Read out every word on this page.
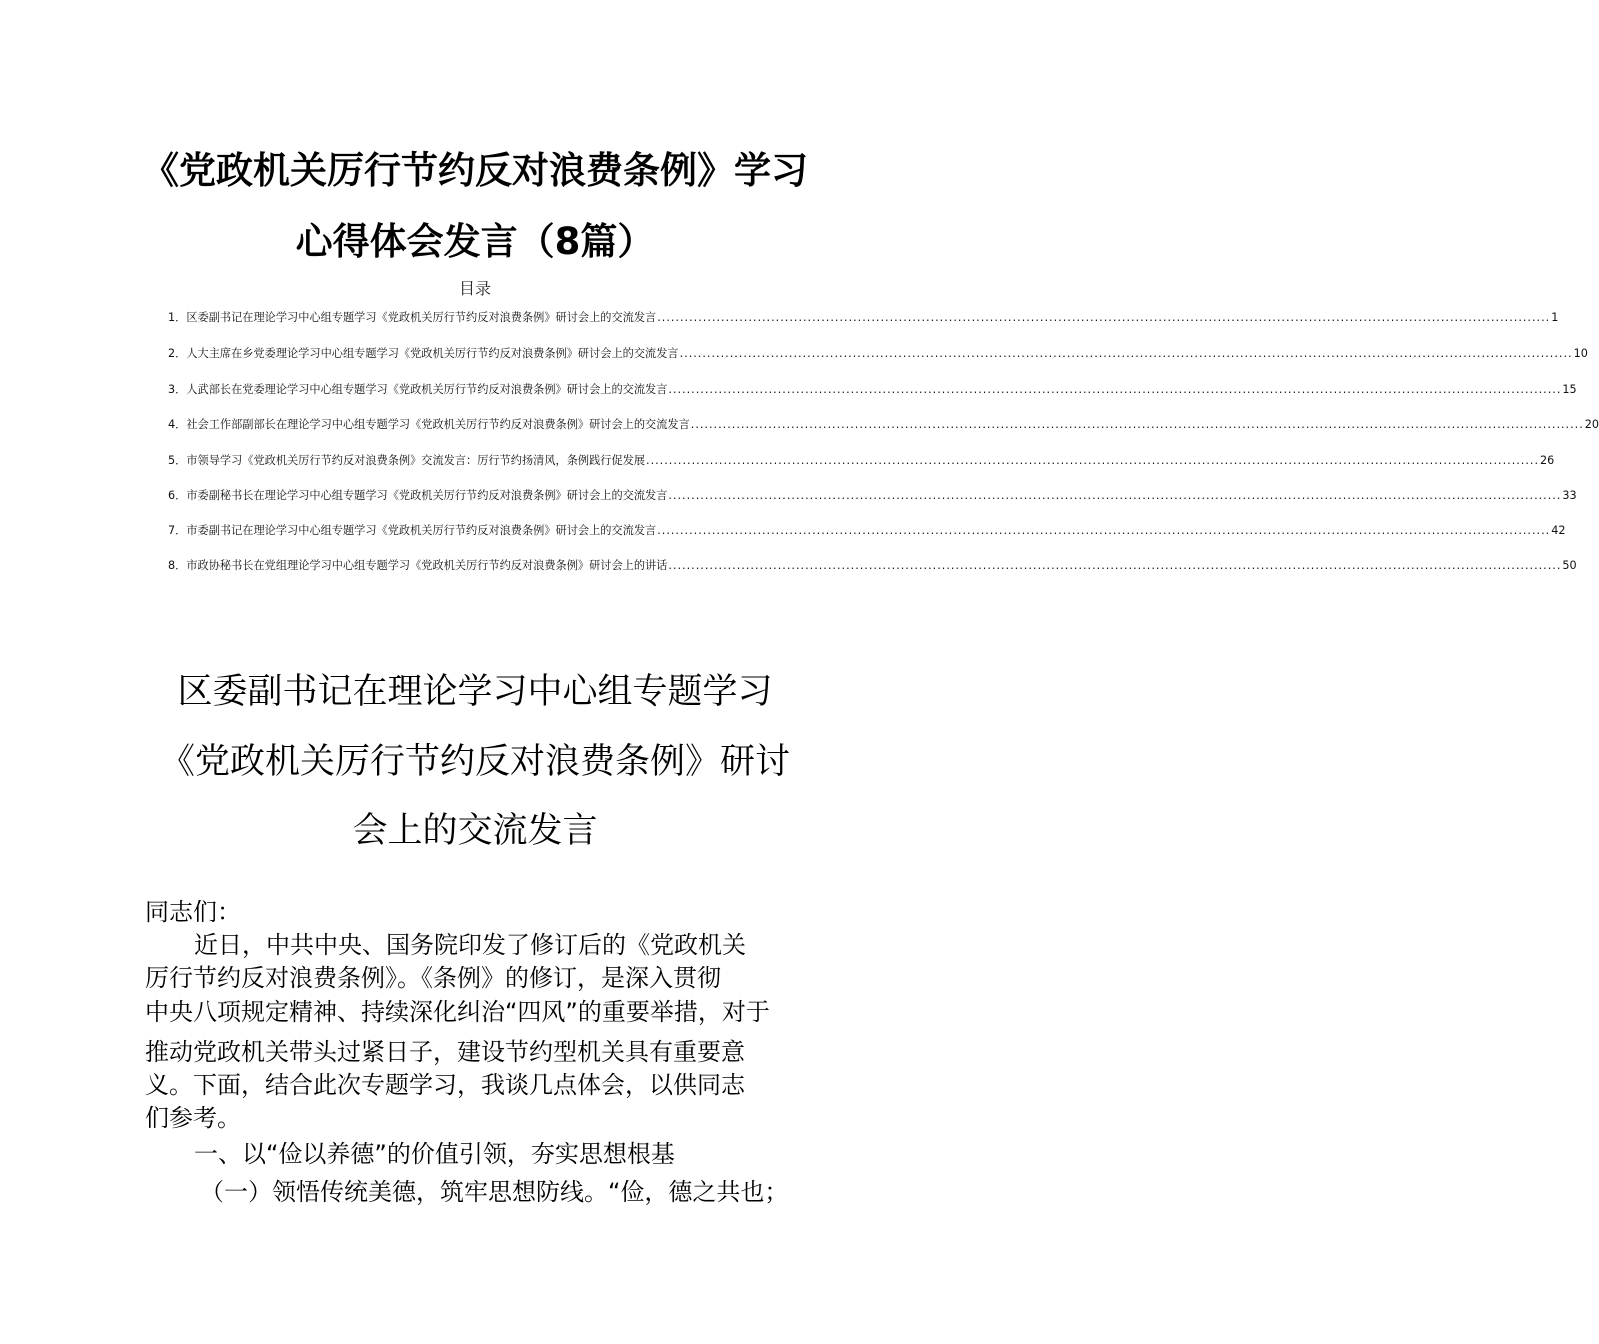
《党政机关厉行节约反对浪费条例》学习
心得体会发言（8篇）
目录
1． 区委副书记在理论学习中心组专题学习《党政机关厉行节约反对浪费条例》研讨会上的交流发言 .....	1
2． 人大主席在乡党委理论学习中心组专题学习《党政机关厉行节约反对浪费条例》研讨会上的交流发言 .....	10
3． 人武部长在党委理论学习中心组专题学习《党政机关厉行节约反对浪费条例》研讨会上的交流发言 .....	15
4． 社会工作部副部长在理论学习中心组专题学习《党政机关厉行节约反对浪费条例》研讨会上的交流发言 .....	20
5． 市领导学习《党政机关厉行节约反对浪费条例》交流发言：厉行节约扬清风，条例践行促发展 .....	26
6． 市委副秘书长在理论学习中心组专题学习《党政机关厉行节约反对浪费条例》研讨会上的交流发言 .....	33
7． 市委副书记在理论学习中心组专题学习《党政机关厉行节约反对浪费条例》研讨会上的交流发言 .....	42
8． 市政协秘书长在党组理论学习中心组专题学习《党政机关厉行节约反对浪费条例》研讨会上的讲话 .....	50
区委副书记在理论学习中心组专题学习
《党政机关厉行节约反对浪费条例》研讨
会上的交流发言
同志们：
近日，中共中央、国务院印发了修订后的《党政机关
厉行节约反对浪费条例》。《条例》的修订，是深入贯彻
中央八项规定精神、持续深化纠治“四风”的重要举措，对于
推动党政机关带头过紧日子，建设节约型机关具有重要意
义。下面，结合此次专题学习，我谈几点体会，以供同志
们参考。
一、以“俭以养德”的价值引领，夯实思想根基
（一）领悟传统美德，筑牢思想防线。“俭，德之共也；
